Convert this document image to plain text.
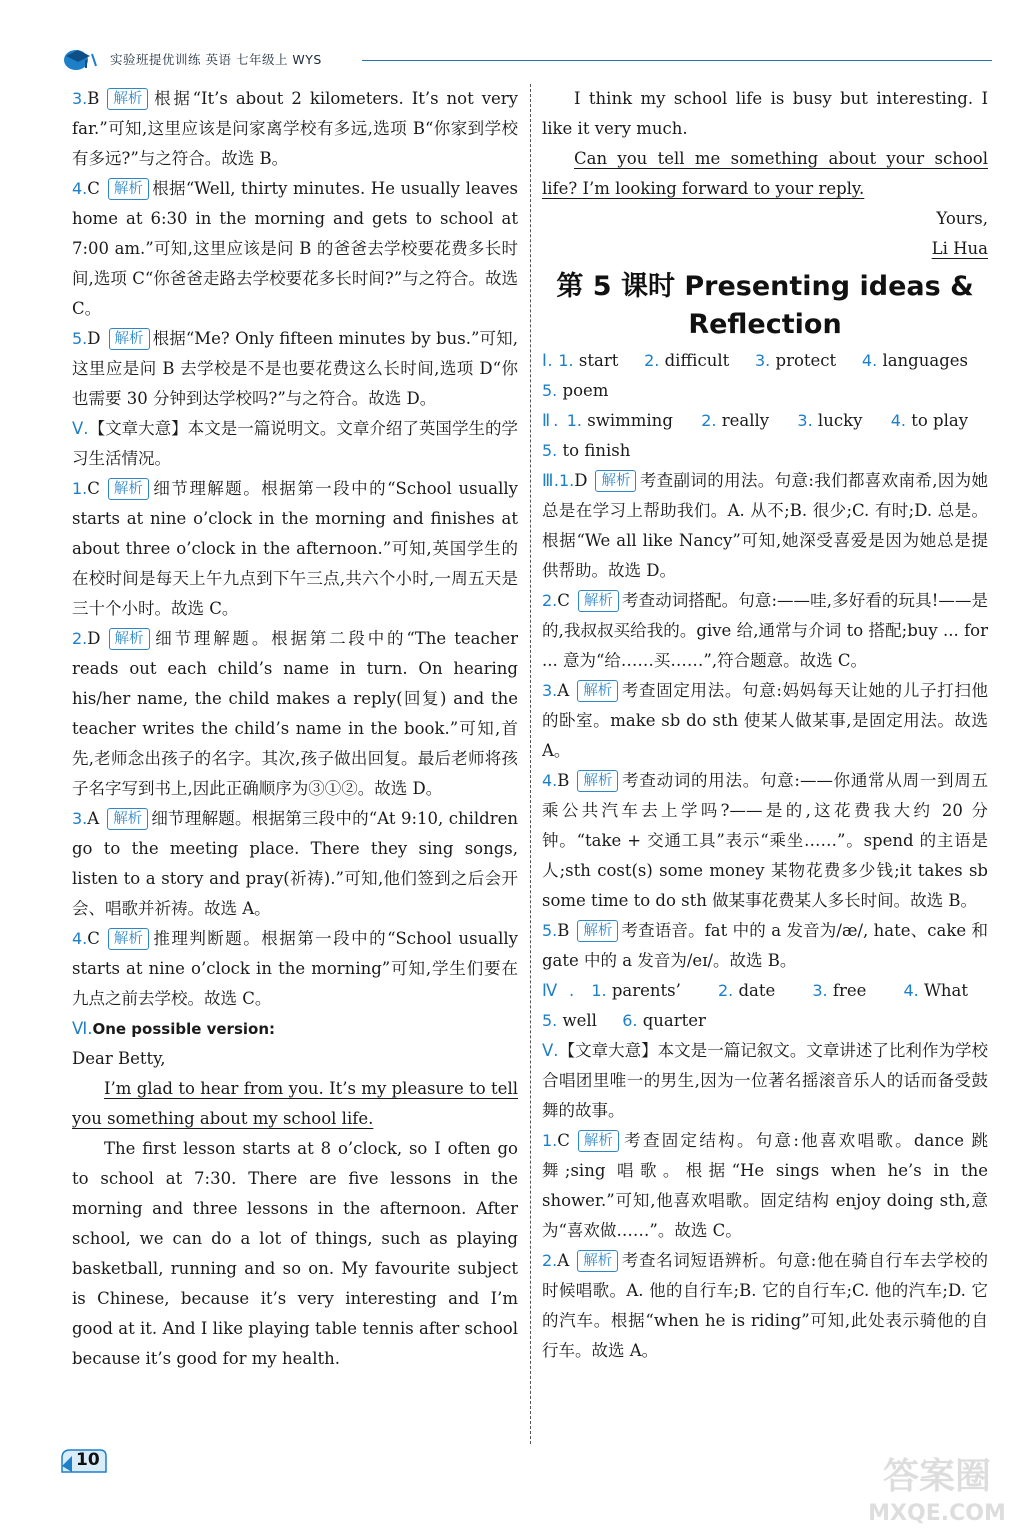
实验班提优训练 英语 七年级上 WYS

3.B 解析 根据“It’s about 2 kilometers. It’s not very far.”可知,这里应该是问家离学校有多远,选项 B“你家到学校有多远?”与之符合。故选 B。

4.C 解析 根据“Well, thirty minutes. He usually leaves home at 6:30 in the morning and gets to school at 7:00 am.”可知,这里应该是问 B 的爸爸去学校要花费多长时间,选项 C“你爸爸走路去学校要花多长时间?”与之符合。故选 C。

5.D 解析 根据“Me? Only fifteen minutes by bus.”可知,这里应是问 B 去学校是不是也要花费这么长时间,选项 D“你也需要 30 分钟到达学校吗?”与之符合。故选 D。

Ⅴ.【文章大意】本文是一篇说明文。文章介绍了英国学生的学习生活情况。

1.C 解析 细节理解题。根据第一段中的“School usually starts at nine o’clock in the morning and finishes at about three o’clock in the afternoon.”可知,英国学生的在校时间是每天上午九点到下午三点,共六个小时,一周五天是三十个小时。故选 C。

2.D 解析 细节理解题。根据第二段中的“The teacher reads out each child’s name in turn. On hearing his/her name, the child makes a reply(回复) and the teacher writes the child’s name in the book.”可知,首先,老师念出孩子的名字。其次,孩子做出回复。最后老师将孩子名字写到书上,因此正确顺序为③①②。故选 D。

3.A 解析 细节理解题。根据第三段中的“At 9:10, children go to the meeting place. There they sing songs, listen to a story and pray(祈祷).”可知,他们签到之后会开会、唱歌并祈祷。故选 A。

4.C 解析 推理判断题。根据第一段中的“School usually starts at nine o’clock in the morning”可知,学生们要在九点之前去学校。故选 C。

Ⅵ.One possible version:

Dear Betty,

I’m glad to hear from you. It’s my pleasure to tell you something about my school life.

The first lesson starts at 8 o’clock, so I often go to school at 7:30. There are five lessons in the morning and three lessons in the afternoon. After school, we can do a lot of things, such as playing basketball, running and so on. My favourite subject is Chinese, because it’s very interesting and I’m good at it. And I like playing table tennis after school because it’s good for my health.

I think my school life is busy but interesting. I like it very much.

Can you tell me something about your school life? I’m looking forward to your reply.

Yours,

Li Hua

第 5 课时 Presenting ideas &
Reflection

Ⅰ. 1. start 2. difficult 3. protect 4. languages 5. poem

Ⅱ. 1. swimming 2. really 3. lucky 4. to play 5. to finish

Ⅲ.1.D 解析 考查副词的用法。句意:我们都喜欢南希,因为她总是在学习上帮助我们。A. 从不;B. 很少;C. 有时;D. 总是。根据“We all like Nancy”可知,她深受喜爱是因为她总是提供帮助。故选 D。

2.C 解析 考查动词搭配。句意:——哇,多好看的玩具!——是的,我叔叔买给我的。give 给,通常与介词 to 搭配;buy ... for ... 意为“给……买……”,符合题意。故选 C。

3.A 解析 考查固定用法。句意:妈妈每天让她的儿子打扫他的卧室。make sb do sth 使某人做某事,是固定用法。故选 A。

4.B 解析 考查动词的用法。句意:——你通常从周一到周五乘公共汽车去上学吗?——是的,这花费我大约 20 分钟。“take + 交通工具”表示“乘坐……”。spend 的主语是人;sth cost(s) some money 某物花费多少钱;it takes sb some time to do sth 做某事花费某人多长时间。故选 B。

5.B 解析 考查语音。fat 中的 a 发音为/æ/, hate、cake 和 gate 中的 a 发音为/eɪ/。故选 B。

Ⅳ. 1. parents’ 2. date 3. free 4. What 5. well 6. quarter

Ⅴ.【文章大意】本文是一篇记叙文。文章讲述了比利作为学校合唱团里唯一的男生,因为一位著名摇滚音乐人的话而备受鼓舞的故事。

1.C 解析 考查固定结构。句意:他喜欢唱歌。dance 跳舞;sing 唱歌。根据“He sings when he’s in the shower.”可知,他喜欢唱歌。固定结构 enjoy doing sth,意为“喜欢做……”。故选 C。

2.A 解析 考查名词短语辨析。句意:他在骑自行车去学校的时候唱歌。A. 他的自行车;B. 它的自行车;C. 他的汽车;D. 它的汽车。根据“when he is riding”可知,此处表示骑他的自行车。故选 A。

10	答案圈
MXQE.COM
